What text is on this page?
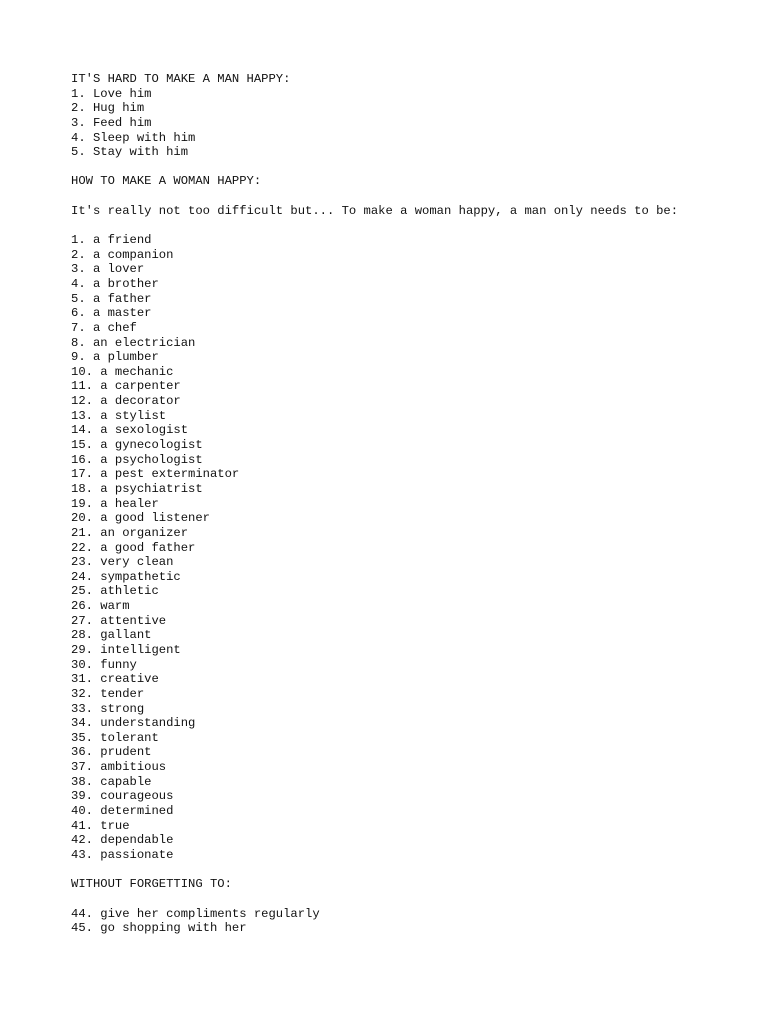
IT'S HARD TO MAKE A MAN HAPPY:
1. Love him
2. Hug him
3. Feed him
4. Sleep with him
5. Stay with him
HOW TO MAKE A WOMAN HAPPY:
It's really not too difficult but... To make a woman happy, a man only needs to be:
1. a friend
2. a companion
3. a lover
4. a brother
5. a father
6. a master
7. a chef
8. an electrician
9. a plumber
10. a mechanic
11. a carpenter
12. a decorator
13. a stylist
14. a sexologist
15. a gynecologist
16. a psychologist
17. a pest exterminator
18. a psychiatrist
19. a healer
20. a good listener
21. an organizer
22. a good father
23. very clean
24. sympathetic
25. athletic
26. warm
27. attentive
28. gallant
29. intelligent
30. funny
31. creative
32. tender
33. strong
34. understanding
35. tolerant
36. prudent
37. ambitious
38. capable
39. courageous
40. determined
41. true
42. dependable
43. passionate
WITHOUT FORGETTING TO:
44. give her compliments regularly
45. go shopping with her
